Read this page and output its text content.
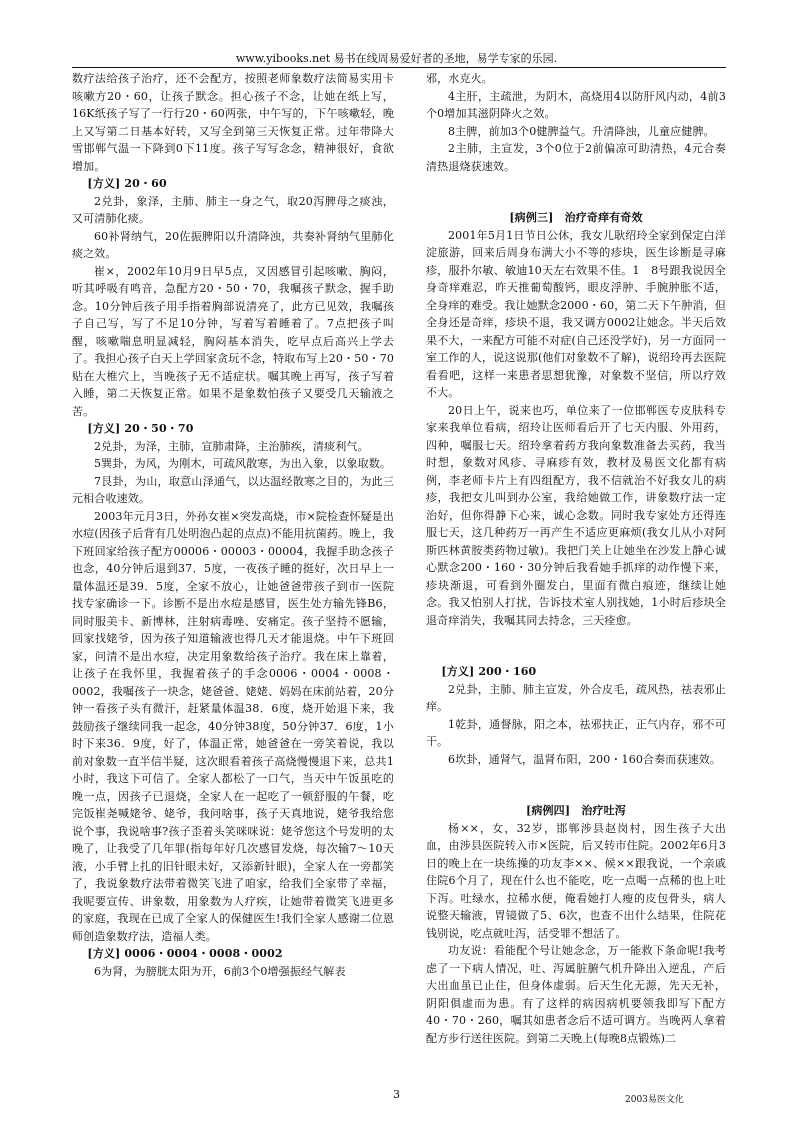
www.yibooks.net 易书在线周易爱好者的圣地，易学专家的乐园.

数疗法给孩子治疗，还不会配方，按照老师象数疗法简易实用卡咳嗽方20・60，让孩子默念。担心孩子不念，让她在纸上写，16K纸孩子写了一行行20・60两张，中午写的，下午咳嗽轻，晚上又写第二日基本好转，又写全到第三天恢复正常。过年带降大雪邯郸气温一下降到0下11度。孩子写写念念，精神很好，食欲增加。

[方义] 20・60

2兑卦，象泽，主肺、肺主一身之气，取20泻脾母之痰浊，又可清肺化痰。

60补肾纳气，20佐振脾阳以升清降浊，共奏补肾纳气里肺化痰之效。

崔×，2002年10月9日早5点，又因感冒引起咳嗽、胸闷，听其呼吸有鸣音，急配方20・50・70，我嘱孩子默念，握手助念。10分钟后孩子用手指着胸部说清亮了，此方已见效，我嘱孩子自己写，写了不足10分钟，写着写着睡着了。7点把孩子叫醒，咳嗽喘息明显减轻，胸闷基本消失，吃早点后高兴上学去了。我担心孩子白天上学回家贪玩不念，特取布写上20・50・70贴在大椎穴上，当晚孩子无不适症状。嘱其晚上再写，孩子写着入睡，第二天恢复正常。如果不是象数怕孩子又要受几天输液之苦。

[方义] 20・50・70

2兑卦，为泽，主肺，宣肺肃降，主治肺疾，清痰利气。

5巽卦，为风，为刚木，可疏风散寒，为出入象，以象取数。

7艮卦，为山，取意山泽通气，以达温经散寒之目的，为此三元相合收速效。

2003年元月3日，外孙女崔×突发高烧，市×院检查怀疑是出水痘(因孩子后背有几处明泡凸起的点点)不能用抗菌药。晚上，我下班回家给孩子配方00006・00003・00004，我握手助念孩子也念，40分钟后退到37．5度，一夜孩子睡的挺好，次日早上一量体温还是39．5度，全家不放心，让她爸爸带孩子到市一医院找专家确诊一下。诊断不是出水痘是感冒，医生处方输先锋B6，同时服美卡、新博林，注射病毒唑、安痛定。孩子坚持不愿输，回家找姥爷，因为孩子知道输液也得几天才能退烧。中午下班回家，问清不是出水痘，决定用象数给孩子治疗。我在床上靠着，让孩子在我怀里，我握着孩子的手念0006・0004・0008・0002，我嘱孩子一块念，姥爸爸、姥姥、妈妈在床前站着，20分钟一看孩子头有微汗，赶紧量体温38．6度，烧开始退下来，我鼓励孩子继续同我一起念，40分钟38度，50分钟37．6度，1小时下来36．9度，好了，体温正常，她爸爸在一旁笑着说，我以前对象数一直半信半疑，这次眼看着孩子高烧慢慢退下来，总共1小时，我这下可信了。全家人都松了一口气，当天中午饭虽吃的晚一点，因孩子已退烧，全家人在一起吃了一顿舒服的午餐，吃完饭崔尧喊姥爷、姥爷，我问啥事，孩子天真地说，姥爷我给您说个事，我说啥事?孩子歪着头笑咪咪说：姥爷您这个号发明的太晚了，让我受了几年罪(指每年好几次感冒发烧，每次输7～10天液，小手臂上扎的旧针眼未好，又添新针眼)，全家人在一旁都笑了，我说象数疗法带着微笑飞进了咱家，给我们全家带了幸福，我呢要宣传、讲象数，用象数为人疗疾，让她带着微笑飞进更多的家庭，我现在已成了全家人的保健医生!我们全家人感谢二位恩师创造象数疗法，造福人类。

[方义] 0006・0004・0008・0002

6为肾，为膀胱太阳为开，6前3个0增强振经气解表

邪，水克火。

4主肝，主疏泄，为阴木，高烧用4以防肝风内动，4前3个0增加其滋阴降火之效。

8主脾，前加3个0健脾益气。升清降浊，儿童应健脾。

2主肺，主宣发，3个0位于2前偏凉可助清热，4元合奏清热退烧获速效。

[病例三]　治疗奇痒有奇效

2001年5月1日节日公休，我女儿耿绍玲全家到保定白洋淀旅游，回来后周身布满大小不等的疹块，医生诊断是寻麻疹，服扑尔敏、敏迪10天左右效果不佳。1　8号跟我说因全身奇痒难忍，昨天推葡萄酸钙，眼皮浮肿、手腕肿胀不适，全身痒的难受。我让她默念2000・60，第二天下午肿消，但全身还是奇痒，疹块不退，我又调方0002让她念。半天后效果不大，一来配方可能不对症(自己还没学好)，另一方面同一室工作的人，说这说那(他们对象数不了解)，说绍玲再去医院看看吧，这样一来患者思想犹豫，对象数不坚信，所以疗效不大。

20日上午，说来也巧，单位来了一位邯郸医专皮肤科专家来我单位看病，绍玲让医师看后开了七天内服、外用药，四种，嘱服七天。绍玲拿着药方我向象数准备去买药，我当时想，象数对风疹、寻麻疹有效，教材及易医文化都有病例，李老师卡片上有四组配方，我不信就治不好我女儿的病疹，我把女儿叫到办公室，我给她做工作，讲象数疗法一定治好，但你得静下心来，诚心念数。同时我专家处方还得连服七天，这几种药万一再产生不适应更麻烦(我女儿从小对阿斯匹林黄胺类药物过敏)。我把门关上让她坐在沙发上静心诚心默念200・160・30分钟后我看她手抓痒的动作慢下来，疹块渐退，可看到外圈发白，里面有微白痕迹，继续让她念。我又怕别人打扰，告诉技术室人别找她，1小时后疹块全退奇痒消失，我嘱其同去持念，三天痊愈。

[方义] 200・160

2兑卦，主肺、肺主宣发，外合皮毛，疏风热，祛表邪止痒。

1乾卦，通督脉，阳之本，祛邪扶正，正气内存，邪不可干。

6坎卦，通肾气，温肾布阳，200・160合奏而获速效。

[病例四]　治疗吐泻

杨××，女，32岁，邯郸涉县赵岗村，因生孩子大出血，由涉县医院转入市×医院，后又转市住院。2002年6月3日的晚上在一块练操的功友李××、候××跟我说，一个亲戚住院6个月了，现在什么也不能吃，吃一点喝一点稀的也上吐下泻。吐绿水，拉稀水便，俺看她打人瘦的皮包骨头，病人说整天输液，胃镜做了5、6次，也查不出什么结果，住院花钱别说，吃点就吐泻，活受罪不想活了。

功友说：看能配个号让她念念，万一能救下条命呢!我考虑了一下病人情况，吐、泻属脏腑气机升降出入逆乱，产后大出血虽已止住，但身体虚弱。后天生化无源，先天无补，阴阳俱虚而为患。有了这样的病因病机要领我即写下配方40・70・260，嘱其如患者念后不适可调方。当晚两人拿着配方步行送往医院。到第二天晚上(每晚8点锻炼)二

3	2003易医文化
